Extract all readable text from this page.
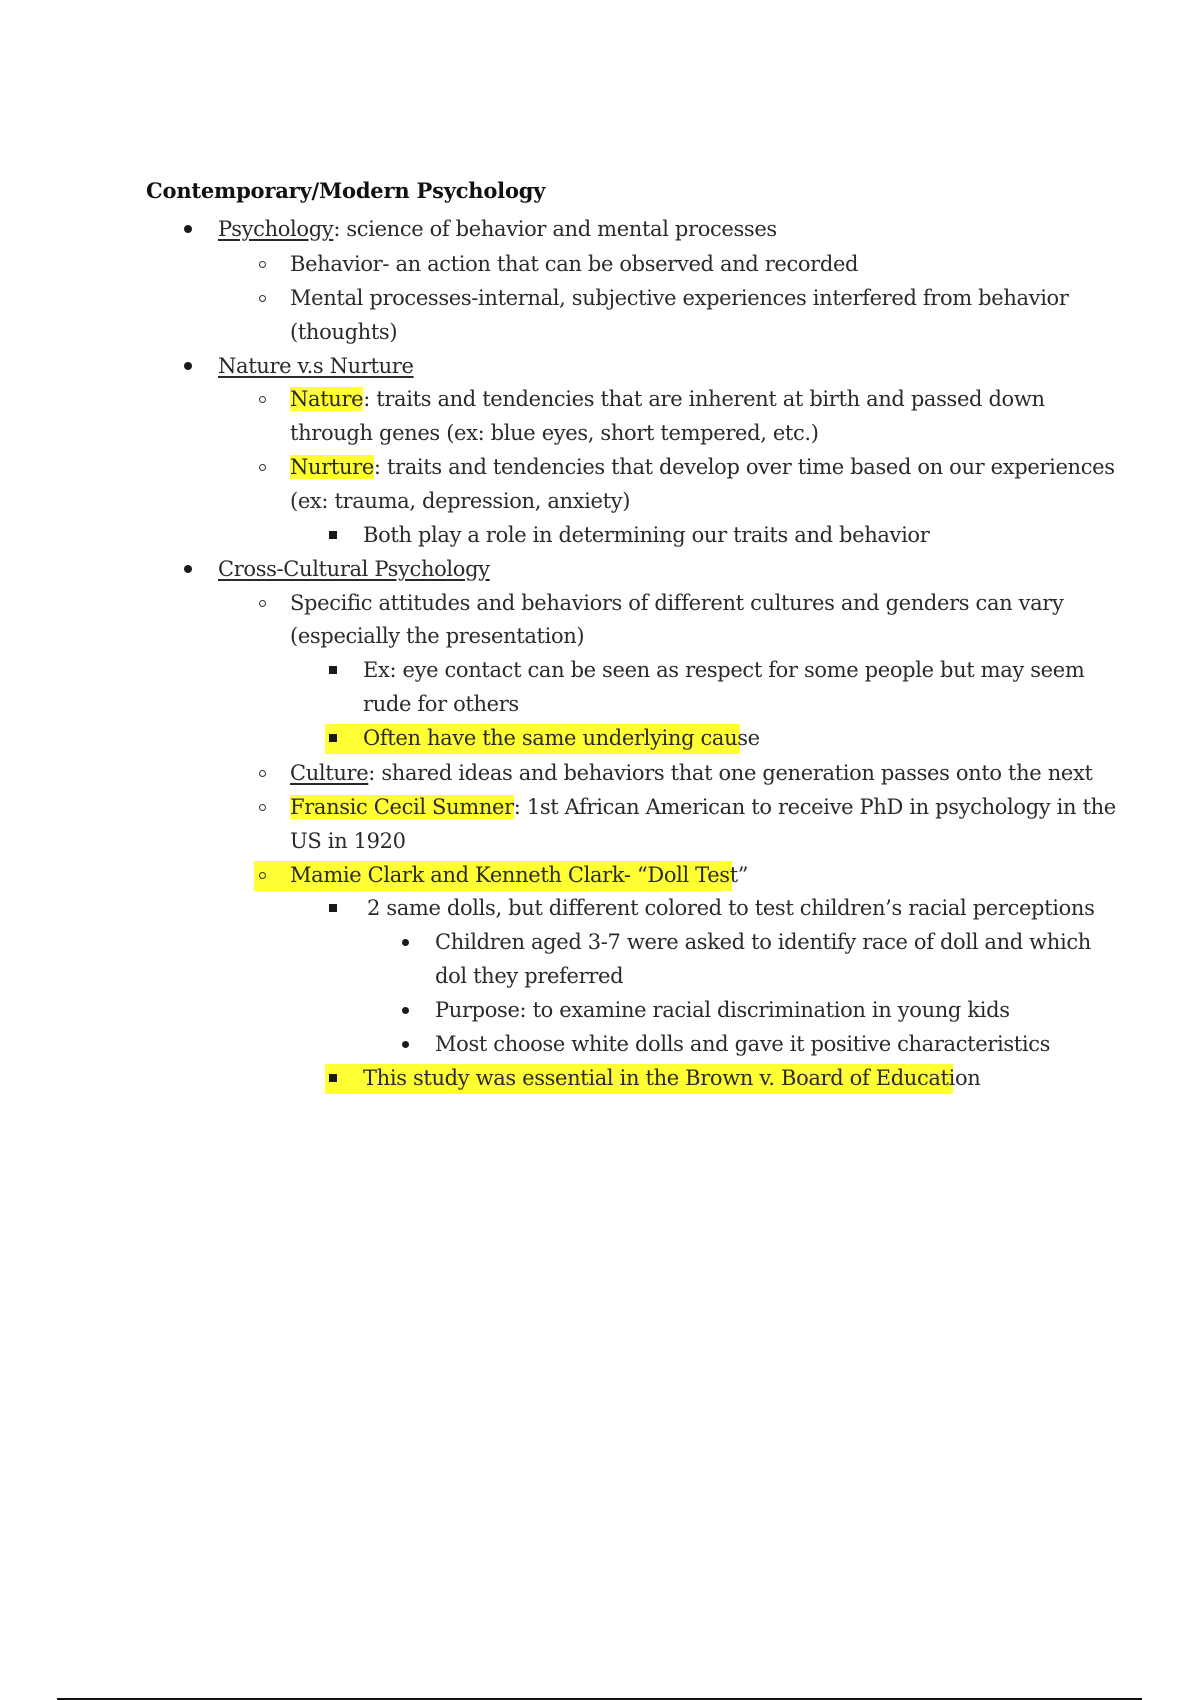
Contemporary/Modern Psychology
Psychology: science of behavior and mental processes
Behavior- an action that can be observed and recorded
Mental processes-internal, subjective experiences interfered from behavior
(thoughts)
Nature v.s Nurture
Nature: traits and tendencies that are inherent at birth and passed down
through genes (ex: blue eyes, short tempered, etc.)
Nurture: traits and tendencies that develop over time based on our experiences
(ex: trauma, depression, anxiety)
Both play a role in determining our traits and behavior
Cross-Cultural Psychology
Specific attitudes and behaviors of different cultures and genders can vary
(especially the presentation)
Ex: eye contact can be seen as respect for some people but may seem
rude for others
Often have the same underlying cause
Culture: shared ideas and behaviors that one generation passes onto the next
Fransic Cecil Sumner: 1st African American to receive PhD in psychology in the
US in 1920
Mamie Clark and Kenneth Clark- “Doll Test”
2 same dolls, but different colored to test children’s racial perceptions
Children aged 3-7 were asked to identify race of doll and which
dol they preferred
Purpose: to examine racial discrimination in young kids
Most choose white dolls and gave it positive characteristics
This study was essential in the Brown v. Board of Education
